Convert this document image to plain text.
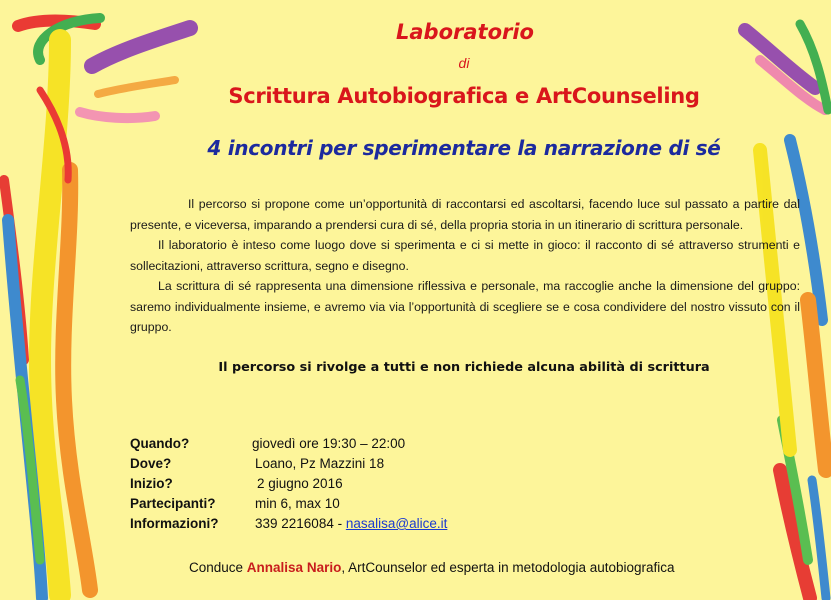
Laboratorio
di
Scrittura Autobiografica e ArtCounseling
4 incontri per sperimentare la narrazione di sé

Il percorso si propone come un’opportunità di raccontarsi ed ascoltarsi, facendo luce sul passato a partire dal presente, e viceversa, imparando a prendersi cura di sé, della propria storia in un itinerario di scrittura personale.

Il laboratorio è inteso come luogo dove si sperimenta e ci si mette in gioco: il racconto di sé attraverso strumenti e sollecitazioni, attraverso scrittura, segno e disegno.

La scrittura di sé rappresenta una dimensione riflessiva e personale, ma raccoglie anche la dimensione del gruppo: saremo individualmente insieme, e avremo via via l’opportunità di scegliere se e cosa condividere del nostro vissuto con il gruppo.

Il percorso si rivolge a tutti e non richiede alcuna abilità di scrittura
Quando?	giovedì ore 19:30 – 22:00
Dove?	Loano, Pz Mazzini 18
Inizio?	2 giugno 2016
Partecipanti?	min 6, max 10
Informazioni?	339 2216084 - nasalisa@alice.it
Conduce Annalisa Nario, ArtCounselor ed esperta in metodologia autobiografica
